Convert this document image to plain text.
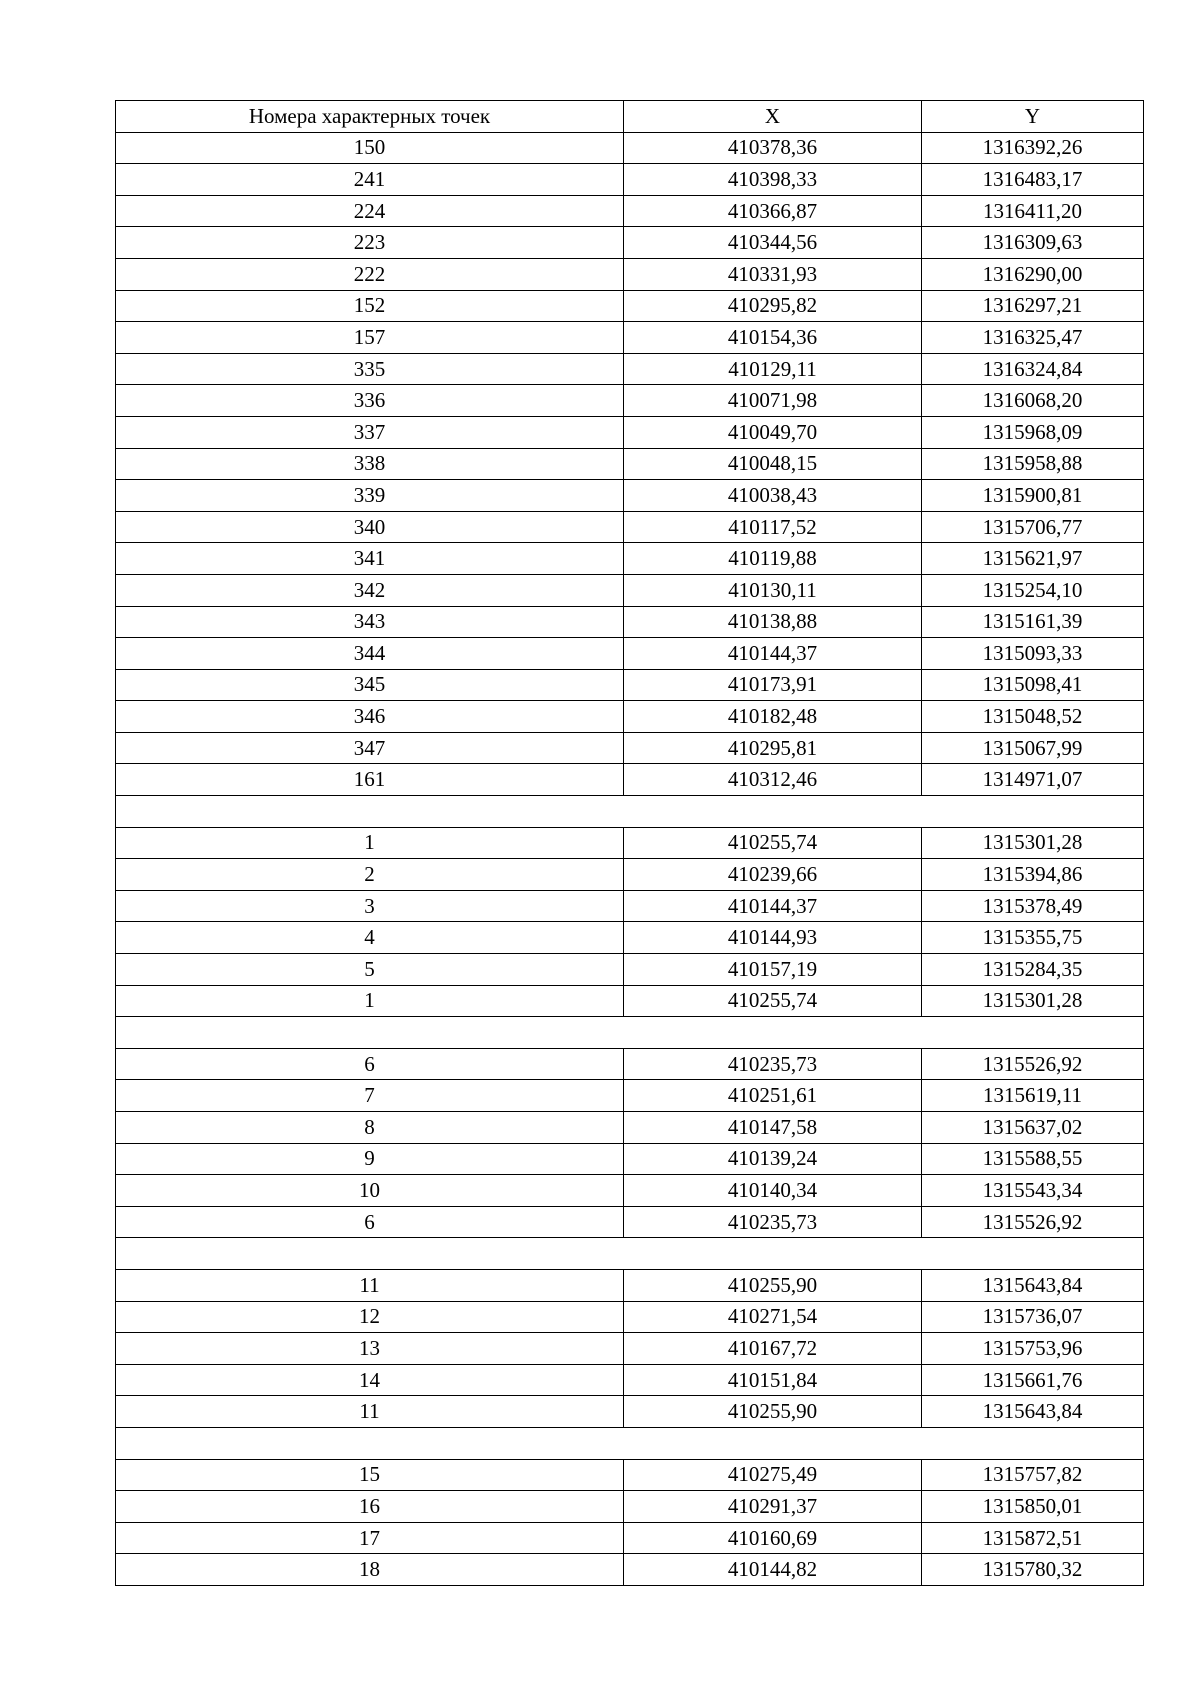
Номера характерных точек	X	Y
150	410378,36	1316392,26
241	410398,33	1316483,17
224	410366,87	1316411,20
223	410344,56	1316309,63
222	410331,93	1316290,00
152	410295,82	1316297,21
157	410154,36	1316325,47
335	410129,11	1316324,84
336	410071,98	1316068,20
337	410049,70	1315968,09
338	410048,15	1315958,88
339	410038,43	1315900,81
340	410117,52	1315706,77
341	410119,88	1315621,97
342	410130,11	1315254,10
343	410138,88	1315161,39
344	410144,37	1315093,33
345	410173,91	1315098,41
346	410182,48	1315048,52
347	410295,81	1315067,99
161	410312,46	1314971,07

1	410255,74	1315301,28
2	410239,66	1315394,86
3	410144,37	1315378,49
4	410144,93	1315355,75
5	410157,19	1315284,35
1	410255,74	1315301,28

6	410235,73	1315526,92
7	410251,61	1315619,11
8	410147,58	1315637,02
9	410139,24	1315588,55
10	410140,34	1315543,34
6	410235,73	1315526,92

11	410255,90	1315643,84
12	410271,54	1315736,07
13	410167,72	1315753,96
14	410151,84	1315661,76
11	410255,90	1315643,84

15	410275,49	1315757,82
16	410291,37	1315850,01
17	410160,69	1315872,51
18	410144,82	1315780,32
